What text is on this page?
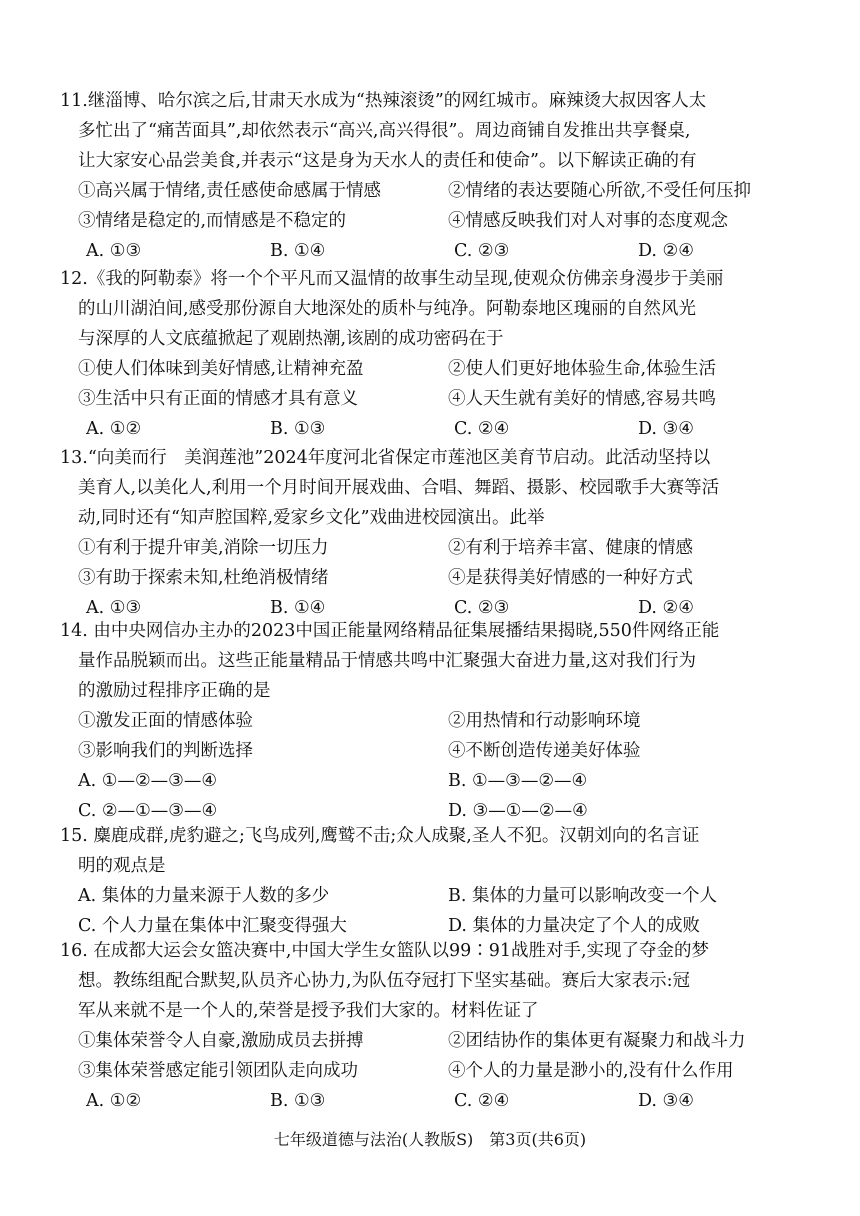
11.继淄博、哈尔滨之后,甘肃天水成为“热辣滚烫”的网红城市。麻辣烫大叔因客人太
多忙出了“痛苦面具”,却依然表示“高兴,高兴得很”。周边商铺自发推出共享餐桌,
让大家安心品尝美食,并表示“这是身为天水人的责任和使命”。以下解读正确的有
①高兴属于情绪,责任感使命感属于情感	②情绪的表达要随心所欲,不受任何压抑
③情绪是稳定的,而情感是不稳定的	④情感反映我们对人对事的态度观念
A. ①③	B. ①④	C. ②③	D. ②④
12.《我的阿勒泰》将一个个平凡而又温情的故事生动呈现,使观众仿佛亲身漫步于美丽
的山川湖泊间,感受那份源自大地深处的质朴与纯净。阿勒泰地区瑰丽的自然风光
与深厚的人文底蕴掀起了观剧热潮,该剧的成功密码在于
①使人们体味到美好情感,让精神充盈	②使人们更好地体验生命,体验生活
③生活中只有正面的情感才具有意义	④人天生就有美好的情感,容易共鸣
A. ①②	B. ①③	C. ②④	D. ③④
13.“向美而行　美润莲池”2024年度河北省保定市莲池区美育节启动。此活动坚持以
美育人,以美化人,利用一个月时间开展戏曲、合唱、舞蹈、摄影、校园歌手大赛等活
动,同时还有“知声腔国粹,爱家乡文化”戏曲进校园演出。此举
①有利于提升审美,消除一切压力	②有利于培养丰富、健康的情感
③有助于探索未知,杜绝消极情绪	④是获得美好情感的一种好方式
A. ①③	B. ①④	C. ②③	D. ②④
14. 由中央网信办主办的2023中国正能量网络精品征集展播结果揭晓,550件网络正能
量作品脱颖而出。这些正能量精品于情感共鸣中汇聚强大奋进力量,这对我们行为
的激励过程排序正确的是
①激发正面的情感体验	②用热情和行动影响环境
③影响我们的判断选择	④不断创造传递美好体验
A. ①—②—③—④	B. ①—③—②—④
C. ②—①—③—④	D. ③—①—②—④
15. 麋鹿成群,虎豹避之;飞鸟成列,鹰鹫不击;众人成聚,圣人不犯。汉朝刘向的名言证
明的观点是
A. 集体的力量来源于人数的多少	B. 集体的力量可以影响改变一个人
C. 个人力量在集体中汇聚变得强大	D. 集体的力量决定了个人的成败
16. 在成都大运会女篮决赛中,中国大学生女篮队以99∶91战胜对手,实现了夺金的梦
想。教练组配合默契,队员齐心协力,为队伍夺冠打下坚实基础。赛后大家表示:冠
军从来就不是一个人的,荣誉是授予我们大家的。材料佐证了
①集体荣誉令人自豪,激励成员去拼搏	②团结协作的集体更有凝聚力和战斗力
③集体荣誉感定能引领团队走向成功	④个人的力量是渺小的,没有什么作用
A. ①②	B. ①③	C. ②④	D. ③④
七年级道德与法治(人教版S)　第3页(共6页)
